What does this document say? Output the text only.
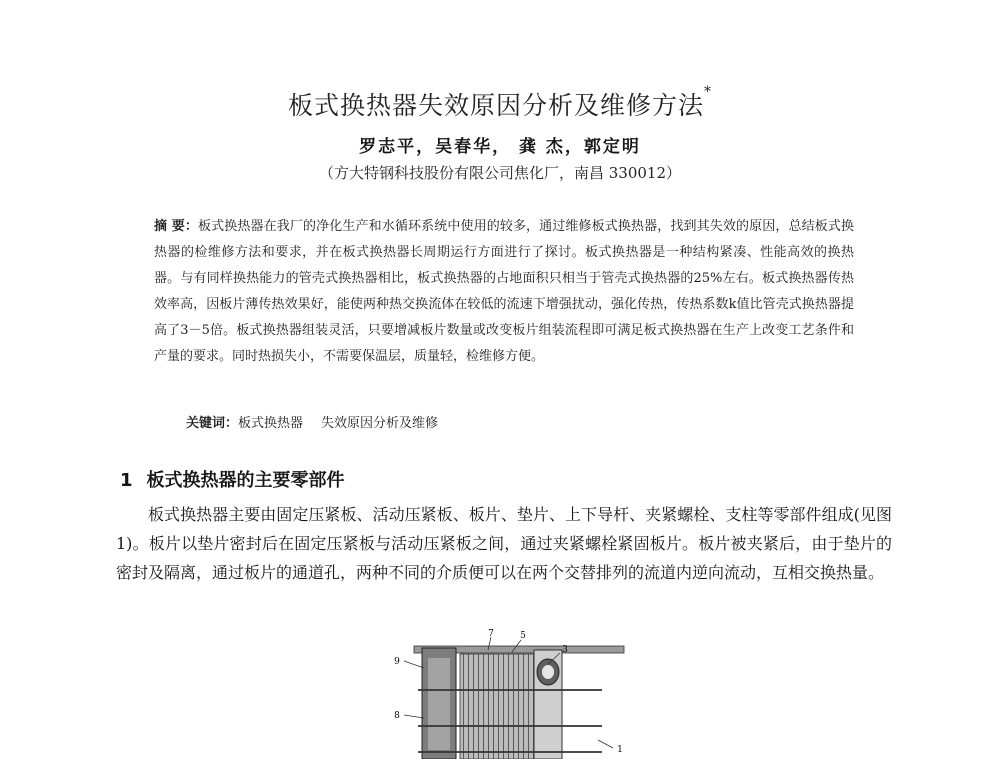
板式换热器失效原因分析及维修方法*
罗志平，吴春华， 龚 杰，郭定明
（方大特钢科技股份有限公司焦化厂，南昌 330012）

摘 要：板式换热器在我厂的净化生产和水循环系统中使用的较多，通过维修板式换热器，找到其失效的原因，总结板式换热器的检维修方法和要求，并在板式换热器长周期运行方面进行了探讨。板式换热器是一种结构紧凑、性能高效的换热器。与有同样换热能力的管壳式换热器相比，板式换热器的占地面积只相当于管壳式换热器的25%左右。板式换热器传热效率高，因板片薄传热效果好，能使两种热交换流体在较低的流速下增强扰动，强化传热，传热系数k值比管壳式换热器提高了3－5倍。板式换热器组装灵活，只要增减板片数量或改变板片组装流程即可满足板式换热器在生产上改变工艺条件和产量的要求。同时热损失小，不需要保温层，质量轻，检维修方便。

关键词：板式换热器 失效原因分析及维修
1 板式换热器的主要零部件

板式换热器主要由固定压紧板、活动压紧板、板片、垫片、上下导杆、夹紧螺栓、支柱等零部件组成(见图 1)。板片以垫片密封后在固定压紧板与活动压紧板之间，通过夹紧螺栓紧固板片。板片被夹紧后，由于垫片的密封及隔离，通过板片的通道孔，两种不同的介质便可以在两个交替排列的流道内逆向流动，互相交换热量。

7	5
3
9
8
1
